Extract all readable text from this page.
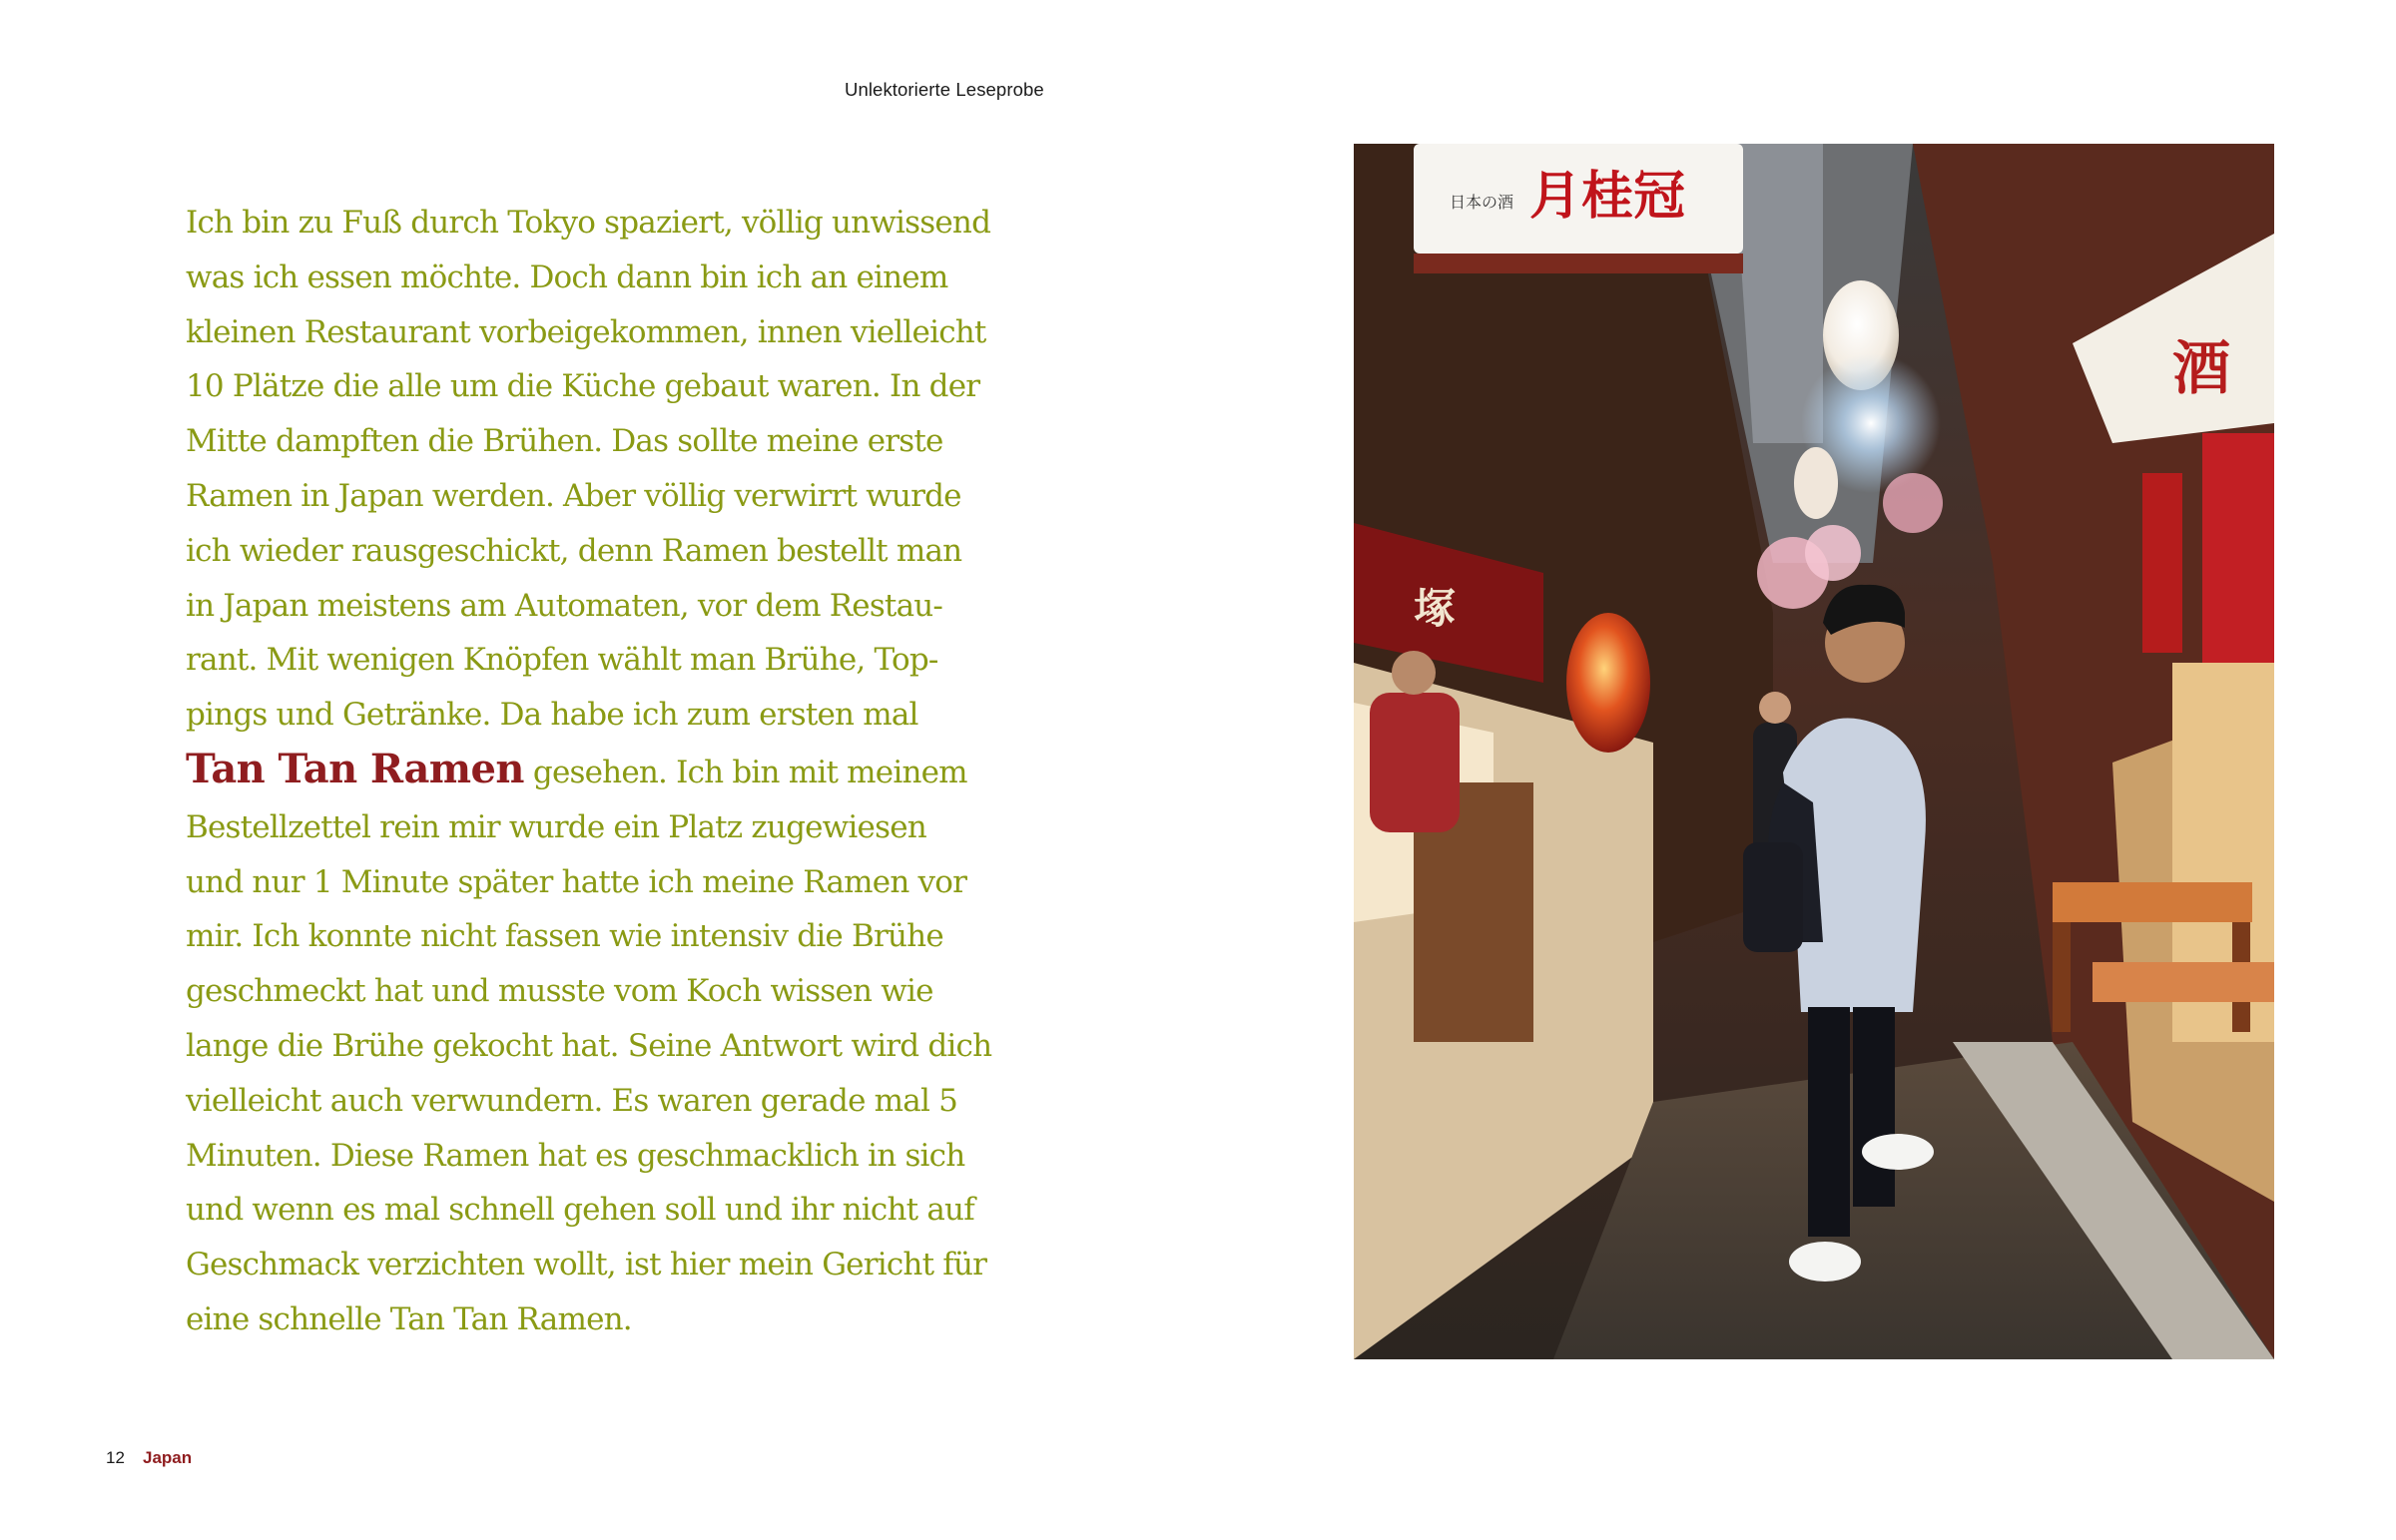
Unlektorierte Leseprobe
Ich bin zu Fuß durch Tokyo spaziert, völlig unwissend
was ich essen möchte. Doch dann bin ich an einem
kleinen Restaurant vorbeigekommen, innen vielleicht
10 Plätze die alle um die Küche gebaut waren. In der
Mitte dampften die Brühen. Das sollte meine erste
Ramen in Japan werden. Aber völlig verwirrt wurde
ich wieder rausgeschickt, denn Ramen bestellt man
in Japan meistens am Automaten, vor dem Restau-
rant. Mit wenigen Knöpfen wählt man Brühe, Top-
pings und Getränke. Da habe ich zum ersten mal
Tan Tan Ramen gesehen. Ich bin mit meinem
Bestellzettel rein mir wurde ein Platz zugewiesen
und nur 1 Minute später hatte ich meine Ramen vor
mir. Ich konnte nicht fassen wie intensiv die Brühe
geschmeckt hat und musste vom Koch wissen wie
lange die Brühe gekocht hat. Seine Antwort wird dich
vielleicht auch verwundern. Es waren gerade mal 5
Minuten. Diese Ramen hat es geschmacklich in sich
und wenn es mal schnell gehen soll und ihr nicht auf
Geschmack verzichten wollt, ist hier mein Gericht für
eine schnelle Tan Tan Ramen.
塚
酒
日本の酒 月桂冠
12 Japan
